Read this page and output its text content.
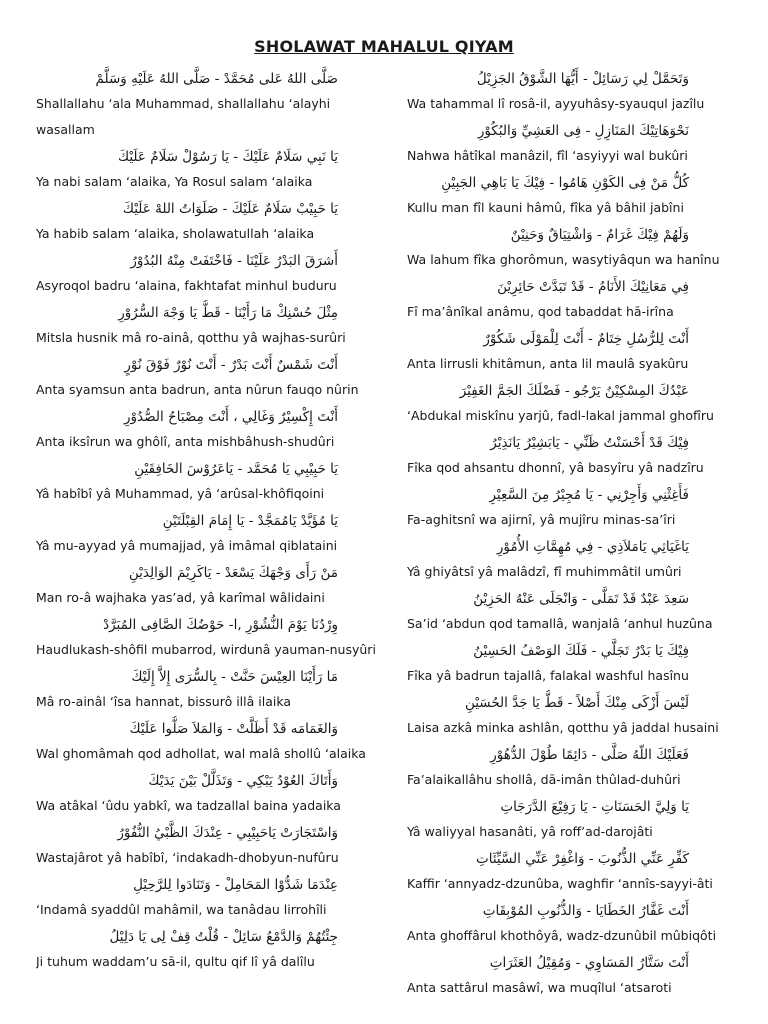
SHOLAWAT MAHALUL QIYAM
صَلَّى اللهُ عَلى مُحَمَّدْ - صَلَّى اللهُ عَلَيْهِ وَسَلَّمْ
Shallallahu ‘ala Muhammad, shallallahu ‘alayhi
wasallam
يَا نَبِي سَلَامٌ عَلَيْكَ - يَا رَسُوْلْ سَلَامٌ عَلَيْكَ
Ya nabi salam ‘alaika, Ya Rosul salam ‘alaika
يَا حَبِيْبْ سَلَامٌ عَلَيْكَ - صَلَوَاتُ اللهْ عَلَيْكَ
Ya habib salam ‘alaika, sholawatullah ‘alaika
أَشرَقَ البَدْرُ عَلَيْنَا - فَاخْتَفَتْ مِنْهُ البُدُوْرُ
Asyroqol badru ‘alaina, fakhtafat minhul buduru
مِثْلَ حُسْنِكْ مَا رَأَيْنَا - قَطُّ يَا وَجْهَ السُّرُوْرِ
Mitsla husnik mâ ro-ainâ, qotthu yâ wajhas-surûri
أَنْتَ شَمْسٌ أَنْتَ بَدْرٌ - أَنْتَ نُوْرٌ فَوْقَ نُوْرٍ
Anta syamsun anta badrun, anta nûrun fauqo nûrin
أَنْتَ إِكْسِيْرٌ وَغَالِي ، أَنْتَ مِصْبَاحُ الصُّدُوْرِ
Anta iksîrun wa ghôlî, anta mishbâhush-shudûri
يَا حَبِيْبِي يَا مُحَمَّد - يَاعَرُوْسَ الخَافِقَيْنِ
Yâ habîbî yâ Muhammad, yâ ‘arûsal-khôfiqoini
يَا مُؤَيَّدْ يَامُمَجَّدْ - يَا إِمَامَ القِبْلَتَيْنِ
Yâ mu-ayyad yâ mumajjad, yâ imâmal qiblataini
مَنْ رَأَى وَجْهَكَ يَسْعَدْ - يَاكَرِيْمَ الوَالِدَيْنِ
Man ro-â wajhaka yas’ad, yâ karîmal wâlidaini
وِرْدُنَا يَوْمَ النُّشُوْرِ ,ا- حَوْضُكَ الصَّافِى المُبَرَّدْ
Haudlukash-shôfil mubarrod, wirdunâ yauman-nusyûri
مَا رَأَيْنَا العِيْسَ حَنَّتْ - بِالسُّرَى إِلاَّ إِلَيْكَ
Mâ ro-ainâl ‘îsa hannat, bissurô illâ ilaika
وَالغَمَامَه قَدْ أَظَلَّتْ - وَالمَلاَ صَلُّوا عَلَيْكَ
Wal ghomâmah qod adhollat, wal malâ shollû ‘alaika
وَأَتَاكَ العُوْدُ يَبْكِي - وَتَذَلَّلْ بَيْنَ يَدَيْكَ
Wa atâkal ‘ûdu yabkî, wa tadzallal baina yadaika
وَاسْتَجَارَتْ يَاحَبِيْبِي - عِنْدَكَ الظَّبْيُ النُّفُوْرُ
Wastajârot yâ habîbî, ‘indakadh-dhobyun-nufûru
عِنْدَمَا شَدُّوْا المَحَامِلْ - وَتَنَادَوا لِلرَّحِيْلِ
‘Indamâ syaddûl mahâmil, wa tanâdau lirrohîli
جِئْتُهُمْ وَالدَّمْعُ سَائِلْ - قُلْتُ قِفْ لِى يَا دَلِيْلُ
Ji tuhum waddam’u sā-il, qultu qif lî yâ dalîlu
وَتَحَمَّلْ لِي رَسَائِلْ - أَيُّهَا الشَّوْقُ الجَزِيْلُ
Wa tahammal lî rosâ-il, ayyuhâsy-syauqul jazîlu
نَحْوَهَاتِيْكَ المَنَازِلِ - فِى العَشِيِّ وَالبُكُوْرِ
Nahwa hâtîkal manâzil, fîl ‘asyiyyi wal bukûri
كُلُّ مَنْ فِى الكَوْنِ هَامُوا - فِيْكَ يَا بَاهِي الجَبِيْنِ
Kullu man fîl kauni hâmû, fîka yâ bâhil jabîni
وَلَهُمْ فِيْكَ غَرَامٌ - وَاشْتِيَاقٌ وَحَنِيْنٌ
Wa lahum fîka ghorômun, wasytiyâqun wa hanînu
فِي مَعَانِيْكَ الأَنَامُ - قَدْ تَبَدَّتْ حَائِرِيْنَ
Fî ma’ânîkal anâmu, qod tabaddat hā-irîna
أَنْتَ لِلرُّسُلِ خِتَامٌ - أَنْتَ لِلْمَوْلَى شَكُوْرٌ
Anta lirrusli khitâmun, anta lil maulâ syakûru
عَبْدُكَ المِسْكِيْنُ يَرْجُو - فَضْلَكَ الجَمَّ الغَفِيْرَ
‘Abdukal miskînu yarjû, fadl-lakal jammal ghofîru
فِيْكَ قَدْ أَحْسَنْتُ ظَنِّي - يَابَشِيْرُ يَانَذِيْرُ
Fîka qod ahsantu dhonnî, yâ basyîru yâ nadzîru
فَأَغِثْنِي وَأَجِرْنِي - يَا مُجِيْرُ مِنَ السَّعِيْرِ
Fa-aghitsnî wa ajirnî, yâ mujîru minas-sa’îri
يَاغَيَاثِي يَامَلاَذِي - فِي مُهِمَّاتِ الأُمُوْرِ
Yâ ghiyâtsî yâ malâdzî, fî muhimmâtil umûri
سَعِدَ عَبْدٌ قَدْ تَمَلَّى - وَانْجَلَى عَنْهُ الحَزِيْنُ
Sa’id ‘abdun qod tamallâ, wanjalâ ‘anhul huzûna
فِيْكَ يَا بَدْرُ تَجَلَّي - فَلَكَ الوَصْفُ الحَسِيْنُ
Fîka yâ badrun tajallâ, falakal washful hasînu
لَيْسَ أَزْكَى مِنْكَ أَصْلاً - قَطُّ يَا جَدَّ الحُسَيْنِ
Laisa azkâ minka ashlân, qotthu yâ jaddal husaini
فَعَلَيْكَ اللّهُ صَلَّى - دَائِمًا طُوْلَ الدُّهُوْرِ
Fa’alaikallâhu shollâ, dā-imân thûlad-duhûri
يَا وَلِيَّ الحَسَنَاتِ - يَا رَفِيْعَ الدَّرَجَاتِ
Yâ waliyyal hasanâti, yâ roffʼad-darojâti
كَفِّرِ عَنِّي الذُّنُوبَ - وَاغْفِرْ عَنِّي السَّيِّئَاتِ
Kaffir ‘annyadz-dzunûba, waghfir ‘annîs-sayyi-âti
أَنْتَ غَفَّارُ الخَطَايَا - وَالذُّنُوبِ المُوْبِقَاتِ
Anta ghoffârul khothôyâ, wadz-dzunûbil mûbiqôti
أَنْتَ سَتَّارُ المَسَاوِي - وَمُقِيْلُ العَثَرَاتِ
Anta sattârul masâwî, wa muqîlul ‘atsaroti
